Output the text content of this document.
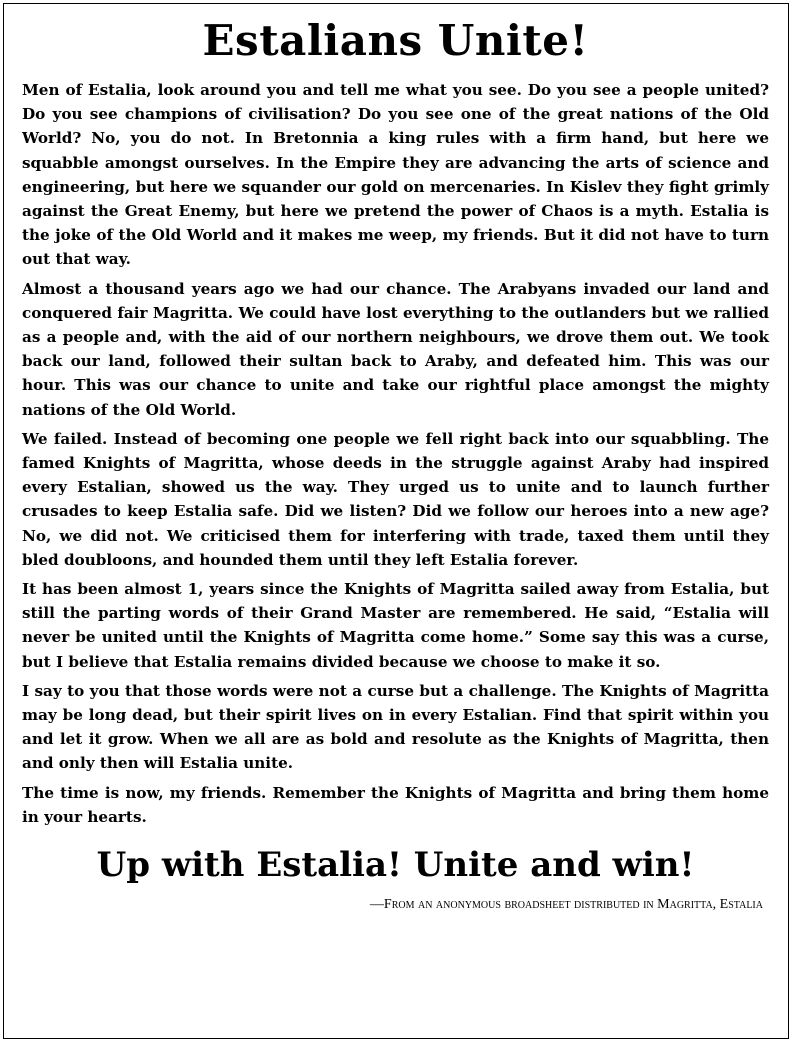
Estalians Unite!

Men of Estalia, look around you and tell me what you see. Do you see a people united? Do you see champions of civilisation? Do you see one of the great nations of the Old World? No, you do not. In Bretonnia a king rules with a firm hand, but here we squabble amongst ourselves. In the Empire they are advancing the arts of science and engineering, but here we squander our gold on mercenaries. In Kislev they fight grimly against the Great Enemy, but here we pretend the power of Chaos is a myth. Estalia is the joke of the Old World and it makes me weep, my friends. But it did not have to turn out that way.

Almost a thousand years ago we had our chance. The Arabyans invaded our land and conquered fair Magritta. We could have lost everything to the outlanders but we rallied as a people and, with the aid of our northern neighbours, we drove them out. We took back our land, followed their sultan back to Araby, and defeated him. This was our hour. This was our chance to unite and take our rightful place amongst the mighty nations of the Old World.

We failed. Instead of becoming one people we fell right back into our squabbling. The famed Knights of Magritta, whose deeds in the struggle against Araby had inspired every Estalian, showed us the way. They urged us to unite and to launch further crusades to keep Estalia safe. Did we listen? Did we follow our heroes into a new age? No, we did not. We criticised them for interfering with trade, taxed them until they bled doubloons, and hounded them until they left Estalia forever.

It has been almost 1, years since the Knights of Magritta sailed away from Estalia, but still the parting words of their Grand Master are remembered. He said, “Estalia will never be united until the Knights of Magritta come home.” Some say this was a curse, but I believe that Estalia remains divided because we choose to make it so.

I say to you that those words were not a curse but a challenge. The Knights of Magritta may be long dead, but their spirit lives on in every Estalian. Find that spirit within you and let it grow. When we all are as bold and resolute as the Knights of Magritta, then and only then will Estalia unite.

The time is now, my friends. Remember the Knights of Magritta and bring them home in your hearts.

Up with Estalia! Unite and win!

—From an anonymous broadsheet distributed in Magritta, Estalia
